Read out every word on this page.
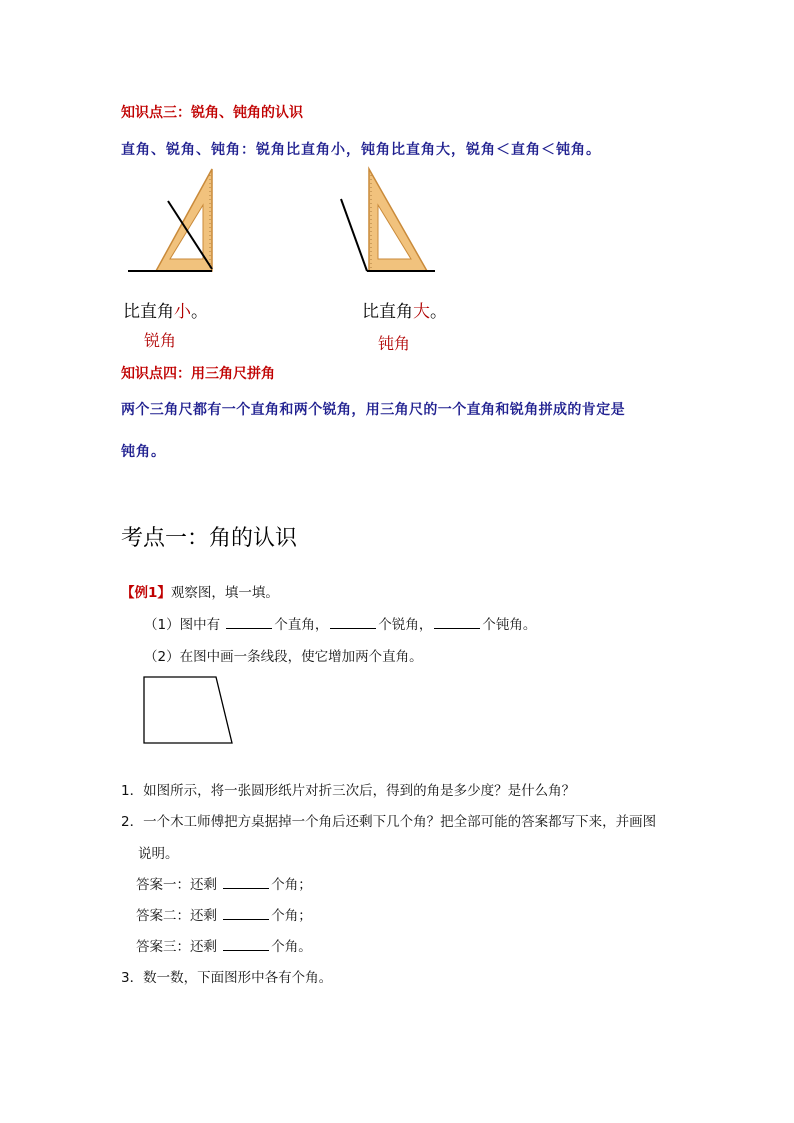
知识点三：锐角、钝角的认识
直角、锐角、钝角：锐角比直角小，钝角比直角大，锐角＜直角＜钝角。
比直角小。	比直角大。
锐角	钝角
知识点四：用三角尺拼角
两个三角尺都有一个直角和两个锐角，用三角尺的一个直角和锐角拼成的肯定是
钝角。
考点一：角的认识
【例1】观察图，填一填。
（1）图中有	个直角，	个锐角，	个钝角。
（2）在图中画一条线段，使它增加两个直角。
1．如图所示，将一张圆形纸片对折三次后，得到的角是多少度？是什么角？
2．一个木工师傅把方桌据掉一个角后还剩下几个角？把全部可能的答案都写下来，并画图
说明。
答案一：还剩	个角；
答案二：还剩	个角；
答案三：还剩	个角。
3．数一数，下面图形中各有个角。
